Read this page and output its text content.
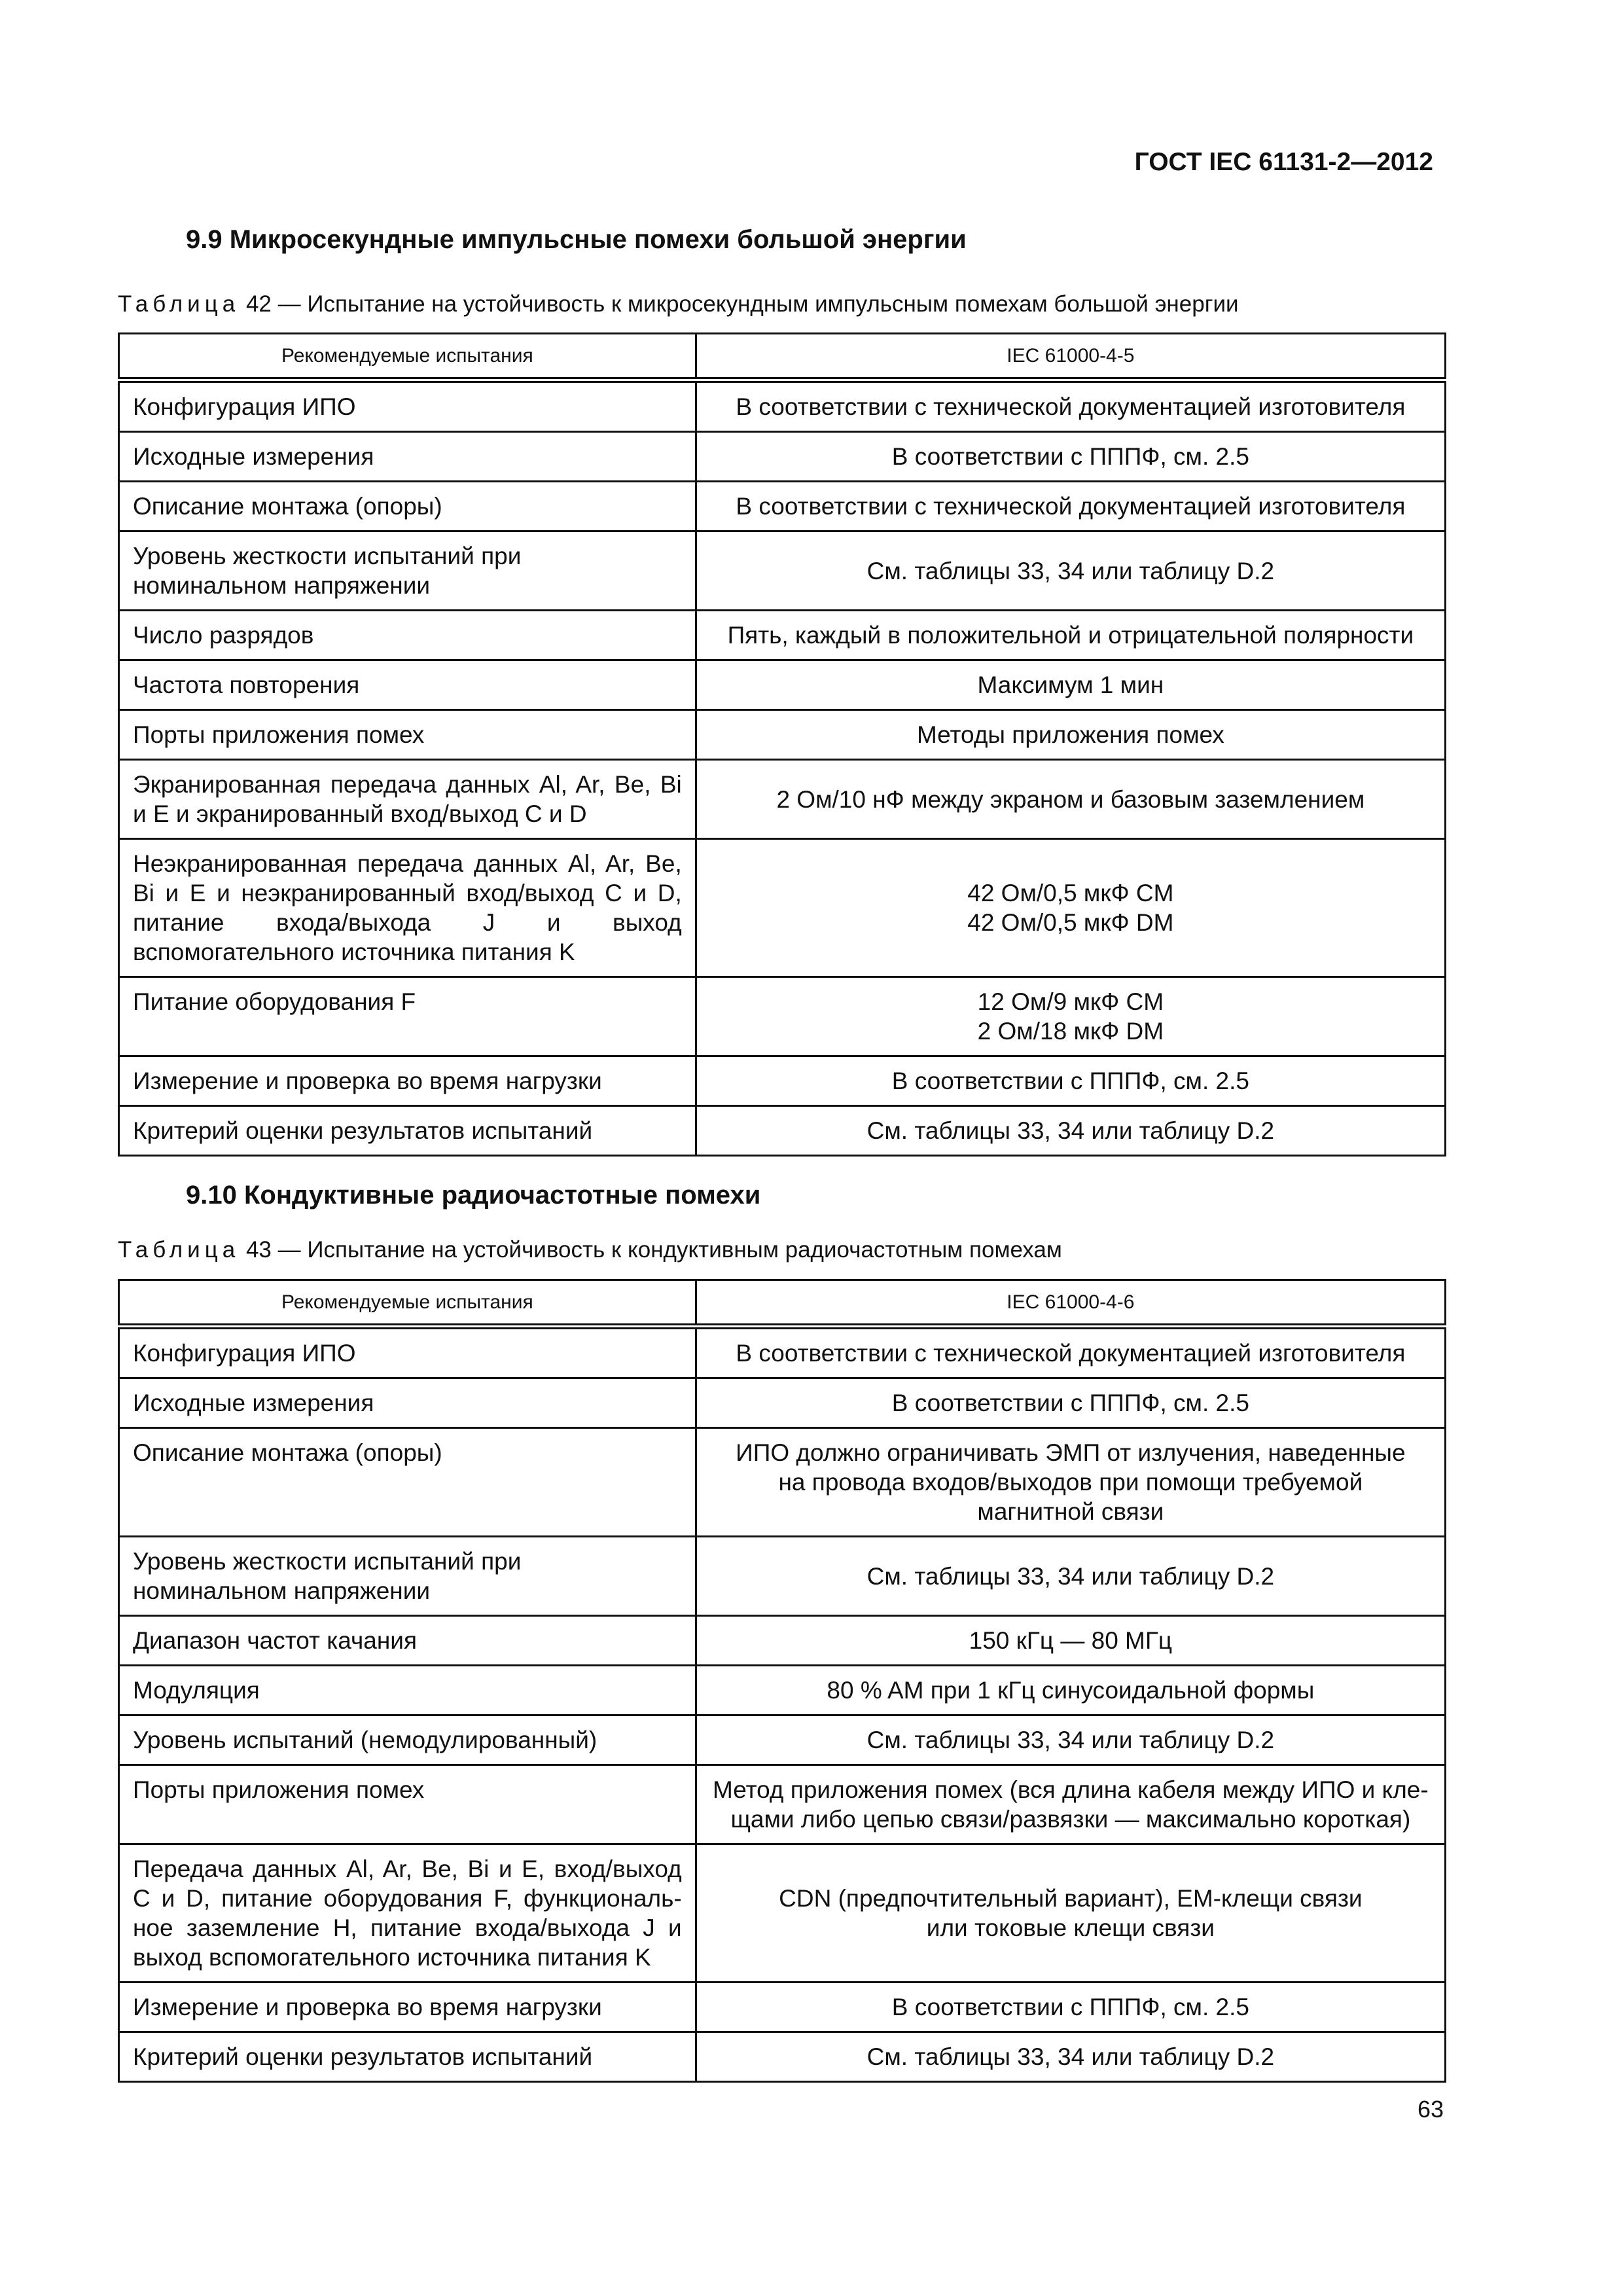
ГОСТ IEC 61131-2—2012
9.9 Микросекундные импульсные помехи большой энергии
Таблица 42 — Испытание на устойчивость к микросекундным импульсным помехам большой энергии
Рекомендуемые испытания	IEC 61000-4-5
Конфигурация ИПО	В соответствии с технической документацией изготовителя
Исходные измерения	В соответствии с ПППФ, см. 2.5
Описание монтажа (опоры)	В соответствии с технической документацией изготовителя
Уровень жесткости испытаний при номинальном напряжении	См. таблицы 33, 34 или таблицу D.2
Число разрядов	Пять, каждый в положительной и отрицательной полярности
Частота повторения	Максимум 1 мин
Порты приложения помех	Методы приложения помех
Экранированная передача данных Al, Ar, Be, Bi и E и экранированный вход/выход C и D	2 Ом/10 нФ между экраном и базовым заземлением
Неэкранированная передача данных Al, Ar, Be, Bi и E и неэкранированный вход/выход C и D, питание входа/выхода J и выход вспомогательного источника питания K	42 Ом/0,5 мкФ CM
42 Ом/0,5 мкФ DM

Питание оборудования F	12 Ом/9 мкФ CM
2 Ом/18 мкФ DM

Измерение и проверка во время нагрузки	В соответствии с ПППФ, см. 2.5
Критерий оценки результатов испытаний	См. таблицы 33, 34 или таблицу D.2
9.10 Кондуктивные радиочастотные помехи
Таблица 43 — Испытание на устойчивость к кондуктивным радиочастотным помехам
Рекомендуемые испытания	IEC 61000-4-6
Конфигурация ИПО	В соответствии с технической документацией изготовителя
Исходные измерения	В соответствии с ПППФ, см. 2.5
Описание монтажа (опоры)	ИПО должно ограничивать ЭМП от излучения, наведенные
на провода входов/выходов при помощи требуемой
магнитной связи

Уровень жесткости испытаний при номинальном напряжении	См. таблицы 33, 34 или таблицу D.2
Диапазон частот качания	150 кГц — 80 МГц
Модуляция	80 % AM при 1 кГц синусоидальной формы
Уровень испытаний (немодулированный)	См. таблицы 33, 34 или таблицу D.2
Порты приложения помех	Метод приложения помех (вся длина кабеля между ИПО и кле-
щами либо цепью связи/развязки — максимально короткая)

Передача данных Al, Ar, Be, Bi и E, вход/выход C и D, питание оборудования F, функциональ-ное заземление H, питание входа/выхода J и выход вспомогательного источника питания K	CDN (предпочтительный вариант), EM-клещи связи
или токовые клещи связи

Измерение и проверка во время нагрузки	В соответствии с ПППФ, см. 2.5
Критерий оценки результатов испытаний	См. таблицы 33, 34 или таблицу D.2
63
